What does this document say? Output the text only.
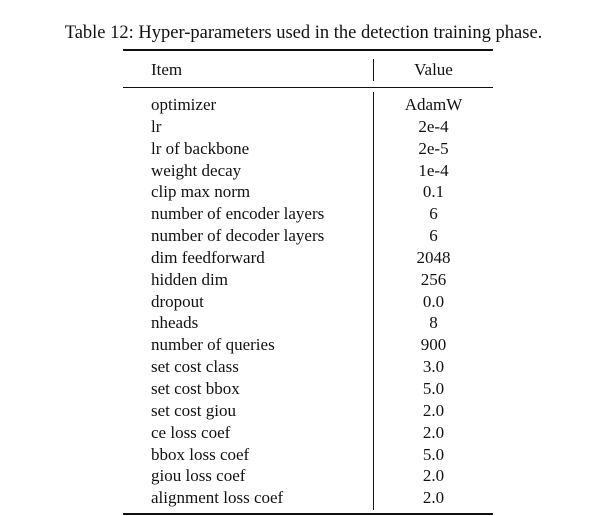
Table 12: Hyper-parameters used in the detection training phase.
Item	Value
optimizer	AdamW
lr	2e-4
lr of backbone	2e-5
weight decay	1e-4
clip max norm	0.1
number of encoder layers	6
number of decoder layers	6
dim feedforward	2048
hidden dim	256
dropout	0.0
nheads	8
number of queries	900
set cost class	3.0
set cost bbox	5.0
set cost giou	2.0
ce loss coef	2.0
bbox loss coef	5.0
giou loss coef	2.0
alignment loss coef	2.0
